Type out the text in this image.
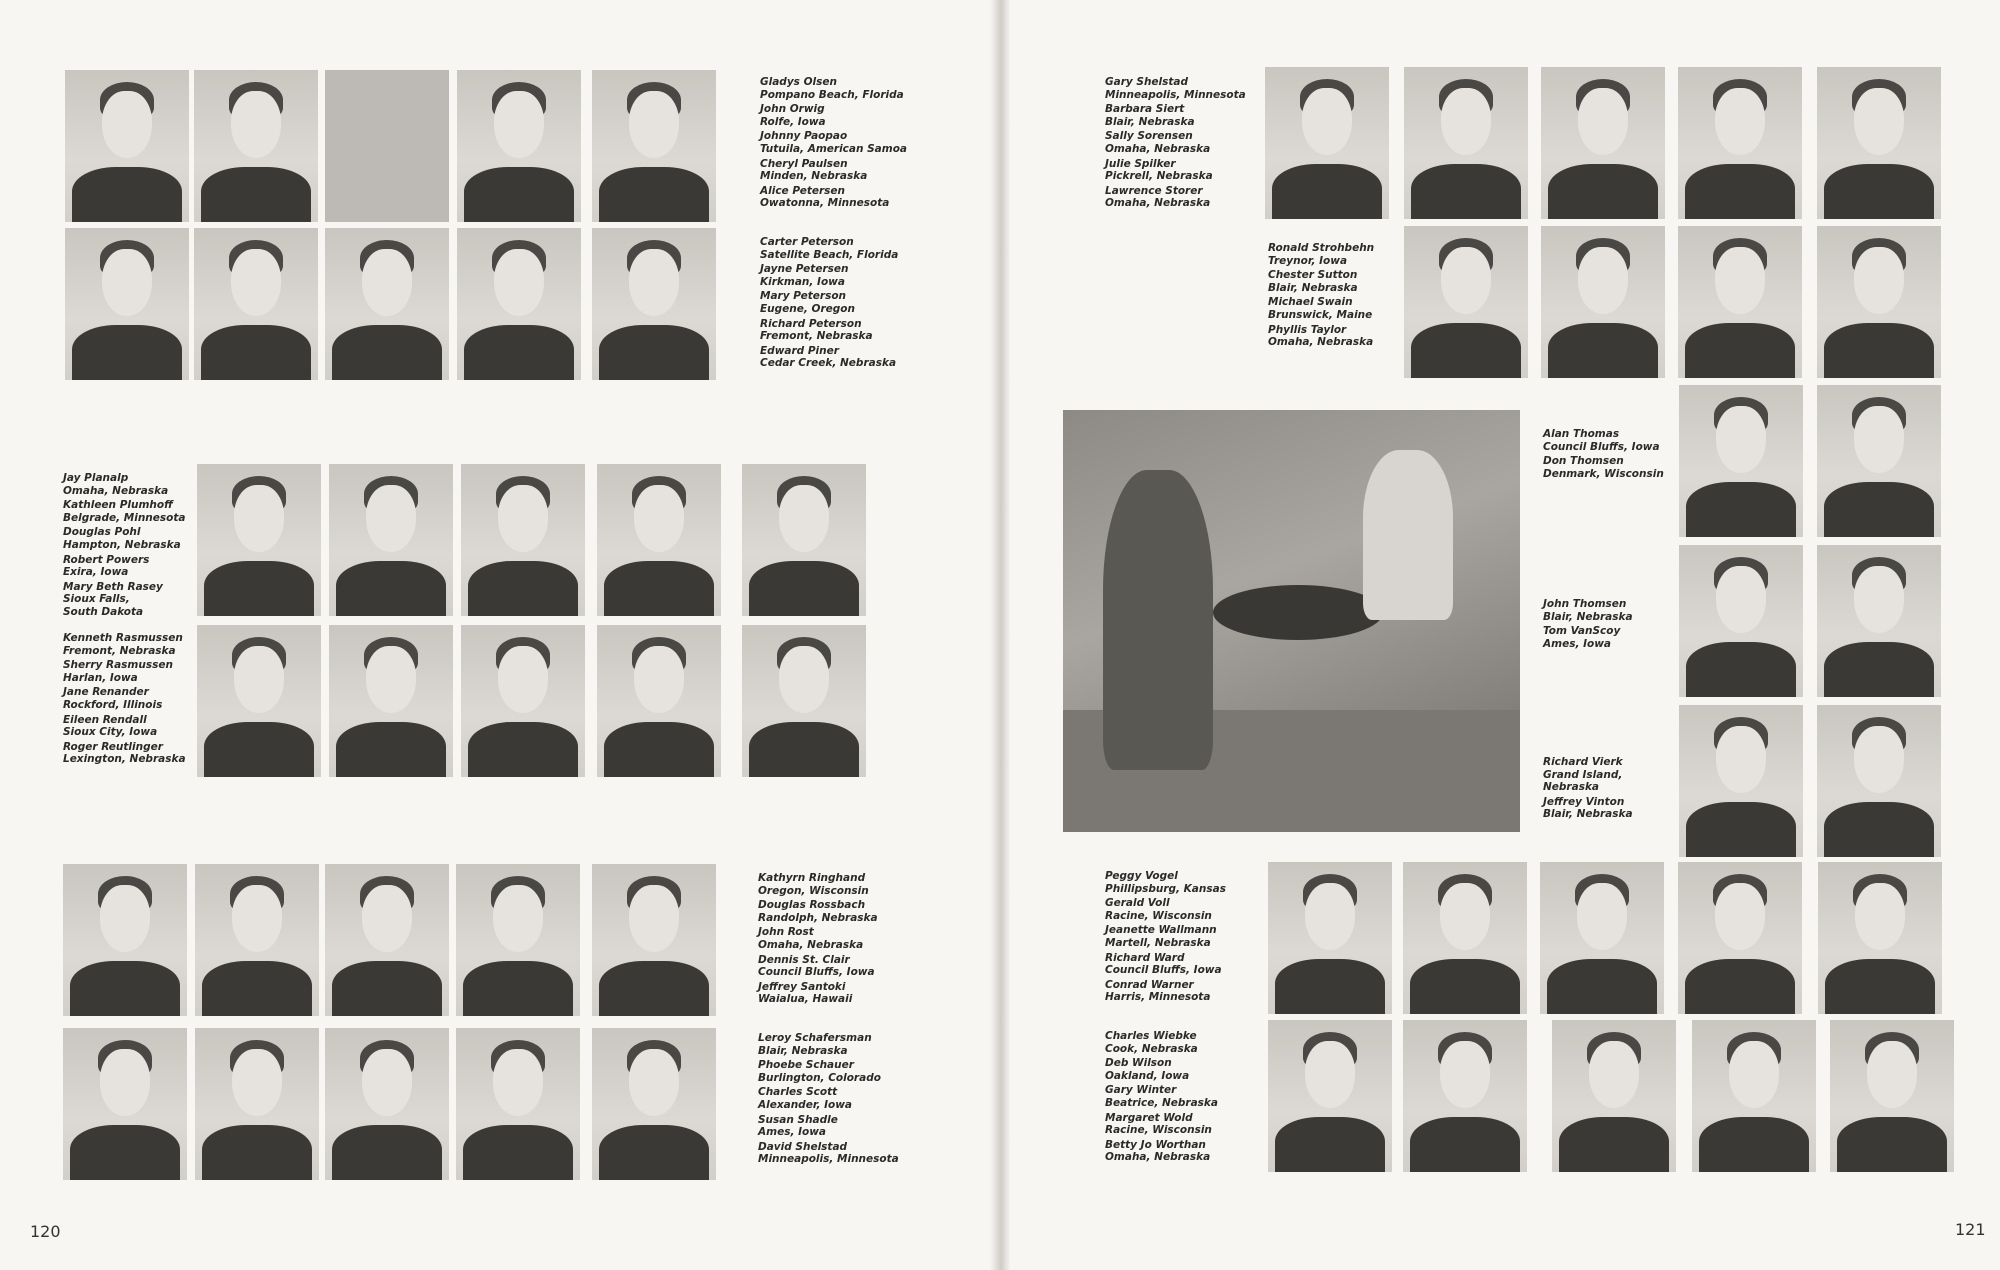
Gladys Olsen
Pompano Beach, Florida
John Orwig
Rolfe, Iowa
Johnny Paopao
Tutuila, American Samoa
Cheryl Paulsen
Minden, Nebraska
Alice Petersen
Owatonna, Minnesota
Carter Peterson
Satellite Beach, Florida
Jayne Petersen
Kirkman, Iowa
Mary Peterson
Eugene, Oregon
Richard Peterson
Fremont, Nebraska
Edward Piner
Cedar Creek, Nebraska
Jay Planalp
Omaha, Nebraska
Kathleen Plumhoff
Belgrade, Minnesota
Douglas Pohl
Hampton, Nebraska
Robert Powers
Exira, Iowa
Mary Beth Rasey
Sioux Falls,
South Dakota
Kenneth Rasmussen
Fremont, Nebraska
Sherry Rasmussen
Harlan, Iowa
Jane Renander
Rockford, Illinois
Eileen Rendall
Sioux City, Iowa
Roger Reutlinger
Lexington, Nebraska
Kathyrn Ringhand
Oregon, Wisconsin
Douglas Rossbach
Randolph, Nebraska
John Rost
Omaha, Nebraska
Dennis St. Clair
Council Bluffs, Iowa
Jeffrey Santoki
Waialua, Hawaii
Leroy Schafersman
Blair, Nebraska
Phoebe Schauer
Burlington, Colorado
Charles Scott
Alexander, Iowa
Susan Shadle
Ames, Iowa
David Shelstad
Minneapolis, Minnesota
120
Gary Shelstad
Minneapolis, Minnesota
Barbara Siert
Blair, Nebraska
Sally Sorensen
Omaha, Nebraska
Julie Spilker
Pickrell, Nebraska
Lawrence Storer
Omaha, Nebraska
Ronald Strohbehn
Treynor, Iowa
Chester Sutton
Blair, Nebraska
Michael Swain
Brunswick, Maine
Phyllis Taylor
Omaha, Nebraska
Alan Thomas
Council Bluffs, Iowa
Don Thomsen
Denmark, Wisconsin
John Thomsen
Blair, Nebraska
Tom VanScoy
Ames, Iowa
Richard Vierk
Grand Island,
Nebraska
Jeffrey Vinton
Blair, Nebraska
Peggy Vogel
Phillipsburg, Kansas
Gerald Voll
Racine, Wisconsin
Jeanette Wallmann
Martell, Nebraska
Richard Ward
Council Bluffs, Iowa
Conrad Warner
Harris, Minnesota
Charles Wiebke
Cook, Nebraska
Deb Wilson
Oakland, Iowa
Gary Winter
Beatrice, Nebraska
Margaret Wold
Racine, Wisconsin
Betty Jo Worthan
Omaha, Nebraska
121
